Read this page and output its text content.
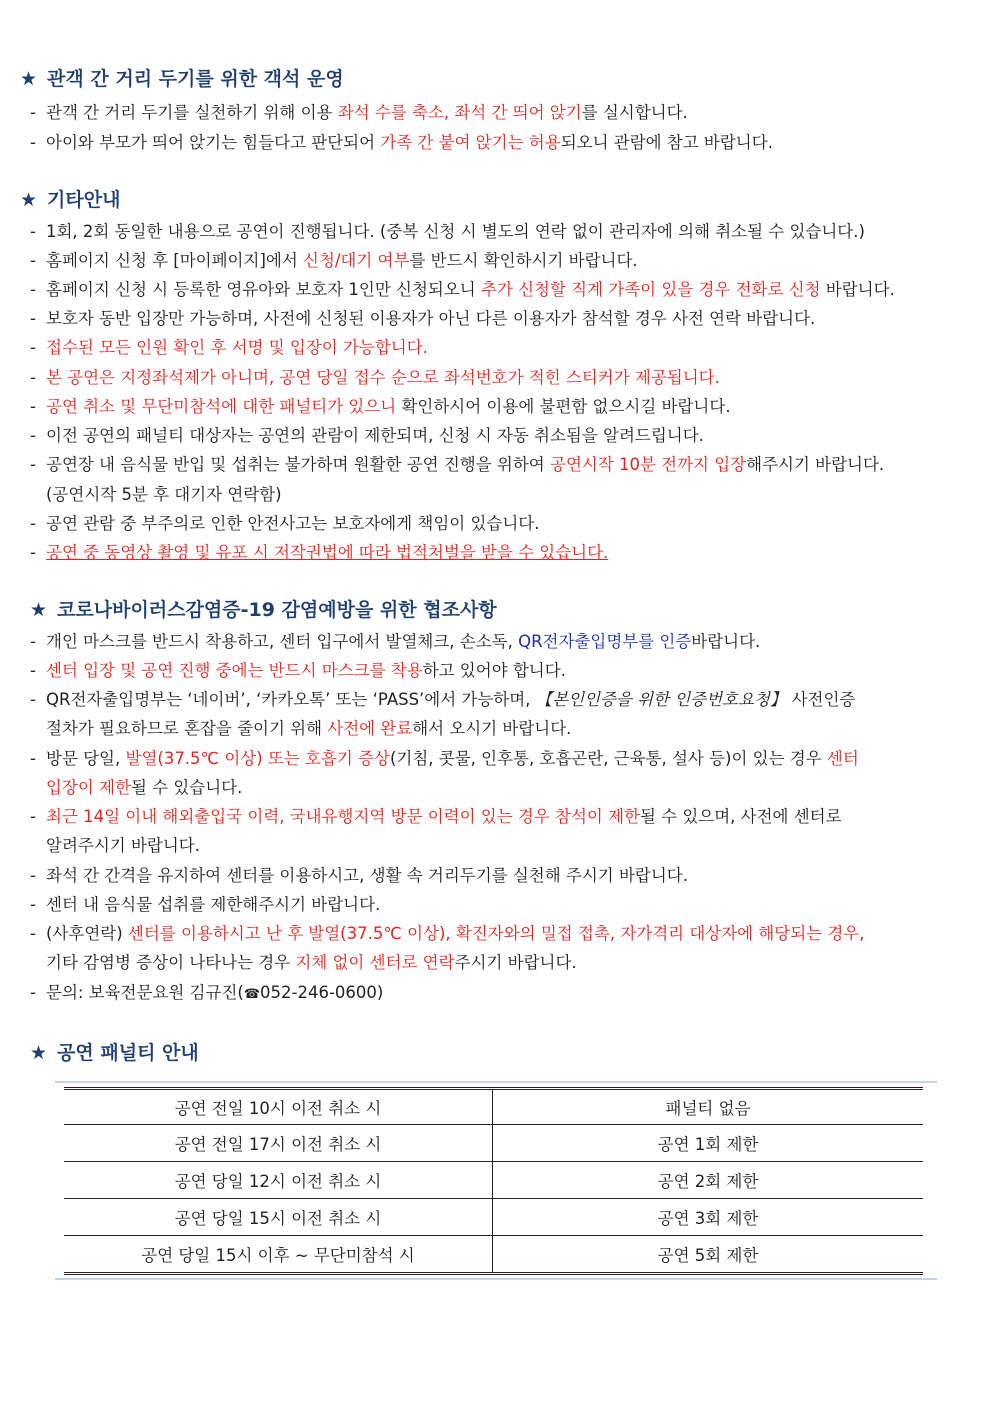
★ 관객 간 거리 두기를 위한 객석 운영
- 관객 간 거리 두기를 실천하기 위해 이용 좌석 수를 축소, 좌석 간 띄어 앉기를 실시합니다.
- 아이와 부모가 띄어 앉기는 힘들다고 판단되어 가족 간 붙여 앉기는 허용되오니 관람에 참고 바랍니다.
★ 기타안내
- 1회, 2회 동일한 내용으로 공연이 진행됩니다. (중복 신청 시 별도의 연락 없이 관리자에 의해 취소될 수 있습니다.)
- 홈페이지 신청 후 [마이페이지]에서 신청/대기 여부를 반드시 확인하시기 바랍니다.
- 홈페이지 신청 시 등록한 영유아와 보호자 1인만 신청되오니 추가 신청할 직계 가족이 있을 경우 전화로 신청 바랍니다.
- 보호자 동반 입장만 가능하며, 사전에 신청된 이용자가 아닌 다른 이용자가 참석할 경우 사전 연락 바랍니다.
- 접수된 모든 인원 확인 후 서명 및 입장이 가능합니다.
- 본 공연은 지정좌석제가 아니며, 공연 당일 접수 순으로 좌석번호가 적힌 스티커가 제공됩니다.
- 공연 취소 및 무단미참석에 대한 패널티가 있으니 확인하시어 이용에 불편함 없으시길 바랍니다.
- 이전 공연의 패널티 대상자는 공연의 관람이 제한되며, 신청 시 자동 취소됨을 알려드립니다.
- 공연장 내 음식물 반입 및 섭취는 불가하며 원활한 공연 진행을 위하여 공연시작 10분 전까지 입장해주시기 바랍니다.
(공연시작 5분 후 대기자 연락함)
- 공연 관람 중 부주의로 인한 안전사고는 보호자에게 책임이 있습니다.
- 공연 중 동영상 촬영 및 유포 시 저작권법에 따라 법적처벌을 받을 수 있습니다.
★ 코로나바이러스감염증-19 감염예방을 위한 협조사항
- 개인 마스크를 반드시 착용하고, 센터 입구에서 발열체크, 손소독, QR전자출입명부를 인증바랍니다.
- 센터 입장 및 공연 진행 중에는 반드시 마스크를 착용하고 있어야 합니다.
- QR전자출입명부는 ‘네이버’, ‘카카오톡’ 또는 ‘PASS’에서 가능하며, 【본인인증을 위한 인증번호요청】 사전인증
절차가 필요하므로 혼잡을 줄이기 위해 사전에 완료해서 오시기 바랍니다.
- 방문 당일, 발열(37.5℃ 이상) 또는 호흡기 증상(기침, 콧물, 인후통, 호흡곤란, 근육통, 설사 등)이 있는 경우 센터
입장이 제한될 수 있습니다.
- 최근 14일 이내 해외출입국 이력, 국내유행지역 방문 이력이 있는 경우 참석이 제한될 수 있으며, 사전에 센터로
알려주시기 바랍니다.
- 좌석 간 간격을 유지하여 센터를 이용하시고, 생활 속 거리두기를 실천해 주시기 바랍니다.
- 센터 내 음식물 섭취를 제한해주시기 바랍니다.
- (사후연락) 센터를 이용하시고 난 후 발열(37.5℃ 이상), 확진자와의 밀접 접촉, 자가격리 대상자에 해당되는 경우,
기타 감염병 증상이 나타나는 경우 지체 없이 센터로 연락주시기 바랍니다.
- 문의: 보육전문요원 김규진(☎052-246-0600)
★ 공연 패널티 안내
공연 전일 10시 이전 취소 시	패널티 없음
공연 전일 17시 이전 취소 시	공연 1회 제한
공연 당일 12시 이전 취소 시	공연 2회 제한
공연 당일 15시 이전 취소 시	공연 3회 제한
공연 당일 15시 이후 ~ 무단미참석 시	공연 5회 제한
